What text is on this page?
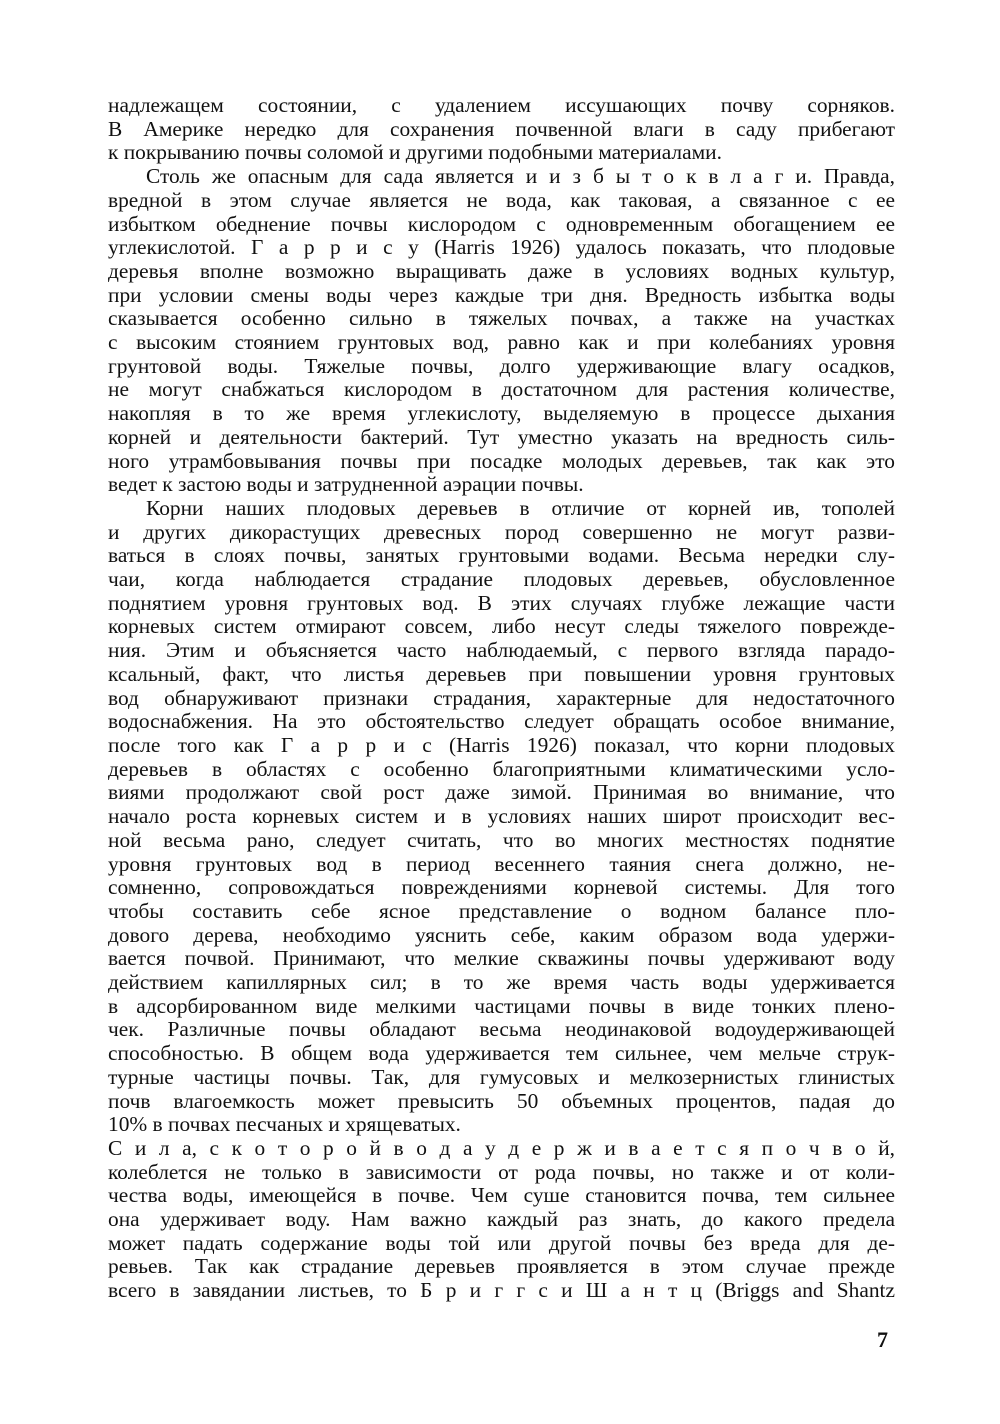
надлежащем состоянии, с удалением иссушающих почву сорняков.
В Америке нередко для сохранения почвенной влаги в саду прибегают
к покрыванию почвы соломой и другими подобными материалами.
Столь же опасным для сада является и и з б ы т о к в л а г и. Правда,
вредной в этом случае является не вода, как таковая, а связанное с ее
избытком обеднение почвы кислородом с одновременным обогащением ее
углекислотой. Г а р р и с у (Harris 1926) удалось показать, что плодовые
деревья вполне возможно выращивать даже в условиях водных культур,
при условии смены воды через каждые три дня. Вредность избытка воды
сказывается особенно сильно в тяжелых почвах, а также на участках
с высоким стоянием грунтовых вод, равно как и при колебаниях уровня
грунтовой воды. Тяжелые почвы, долго удерживающие влагу осадков,
не могут снабжаться кислородом в достаточном для растения количестве,
накопляя в то же время углекислоту, выделяемую в процессе дыхания
корней и деятельности бактерий. Тут уместно указать на вредность силь-
ного утрамбовывания почвы при посадке молодых деревьев, так как это
ведет к застою воды и затрудненной аэрации почвы.
Корни наших плодовых деревьев в отличие от корней ив, тополей
и других дикорастущих древесных пород совершенно не могут разви-
ваться в слоях почвы, занятых грунтовыми водами. Весьма нередки слу-
чаи, когда наблюдается страдание плодовых деревьев, обусловленное
поднятием уровня грунтовых вод. В этих случаях глубже лежащие части
корневых систем отмирают совсем, либо несут следы тяжелого поврежде-
ния. Этим и объясняется часто наблюдаемый, с первого взгляда парадо-
ксальный, факт, что листья деревьев при повышении уровня грунтовых
вод обнаруживают признаки страдания, характерные для недостаточного
водоснабжения. На это обстоятельство следует обращать особое внимание,
после того как Г а р р и с (Harris 1926) показал, что корни плодовых
деревьев в областях с особенно благоприятными климатическими усло-
виями продолжают свой рост даже зимой. Принимая во внимание, что
начало роста корневых систем и в условиях наших широт происходит вес-
ной весьма рано, следует считать, что во многих местностях поднятие
уровня грунтовых вод в период весеннего таяния снега должно, не-
сомненно, сопровождаться повреждениями корневой системы. Для того
чтобы составить себе ясное представление о водном балансе пло-
дового дерева, необходимо уяснить себе, каким образом вода удержи-
вается почвой. Принимают, что мелкие скважины почвы удерживают воду
действием капиллярных сил; в то же время часть воды удерживается
в адсорбированном виде мелкими частицами почвы в виде тонких плено-
чек. Различные почвы обладают весьма неодинаковой водоудерживающей
способностью. В общем вода удерживается тем сильнее, чем мельче струк-
турные частицы почвы. Так, для гумусовых и мелкозернистых глинистых
почв влагоемкость может превысить 50 объемных процентов, падая до
10% в почвах песчаных и хрящеватых.
С и л а, с к о т о р о й в о д а у д е р ж и в а е т с я п о ч в о й,
колеблется не только в зависимости от рода почвы, но также и от коли-
чества воды, имеющейся в почве. Чем суше становится почва, тем сильнее
она удерживает воду. Нам важно каждый раз знать, до какого предела
может падать содержание воды той или другой почвы без вреда для де-
ревьев. Так как страдание деревьев проявляется в этом случае прежде
всего в завядании листьев, то Б р и г г с и Ш а н т ц (Briggs and Shantz
7
